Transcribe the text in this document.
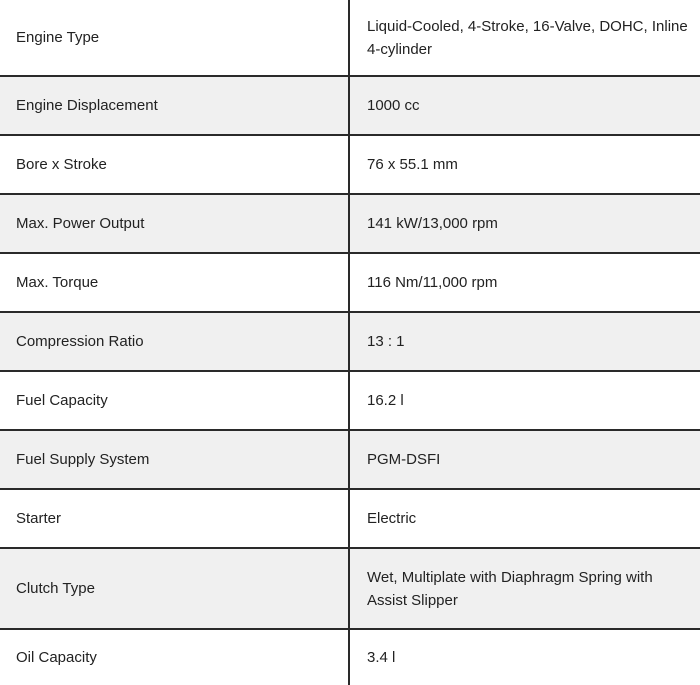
Engine Type	Liquid-Cooled, 4-Stroke, 16-Valve, DOHC, Inline 4-cylinder
Engine Displacement	1000 cc
Bore x Stroke	76 x 55.1 mm
Max. Power Output	141 kW/13,000 rpm
Max. Torque	116 Nm/11,000 rpm
Compression Ratio	13 : 1
Fuel Capacity	16.2 l
Fuel Supply System	PGM-DSFI
Starter	Electric
Clutch Type	Wet, Multiplate with Diaphragm Spring with Assist Slipper
Oil Capacity	3.4 l
